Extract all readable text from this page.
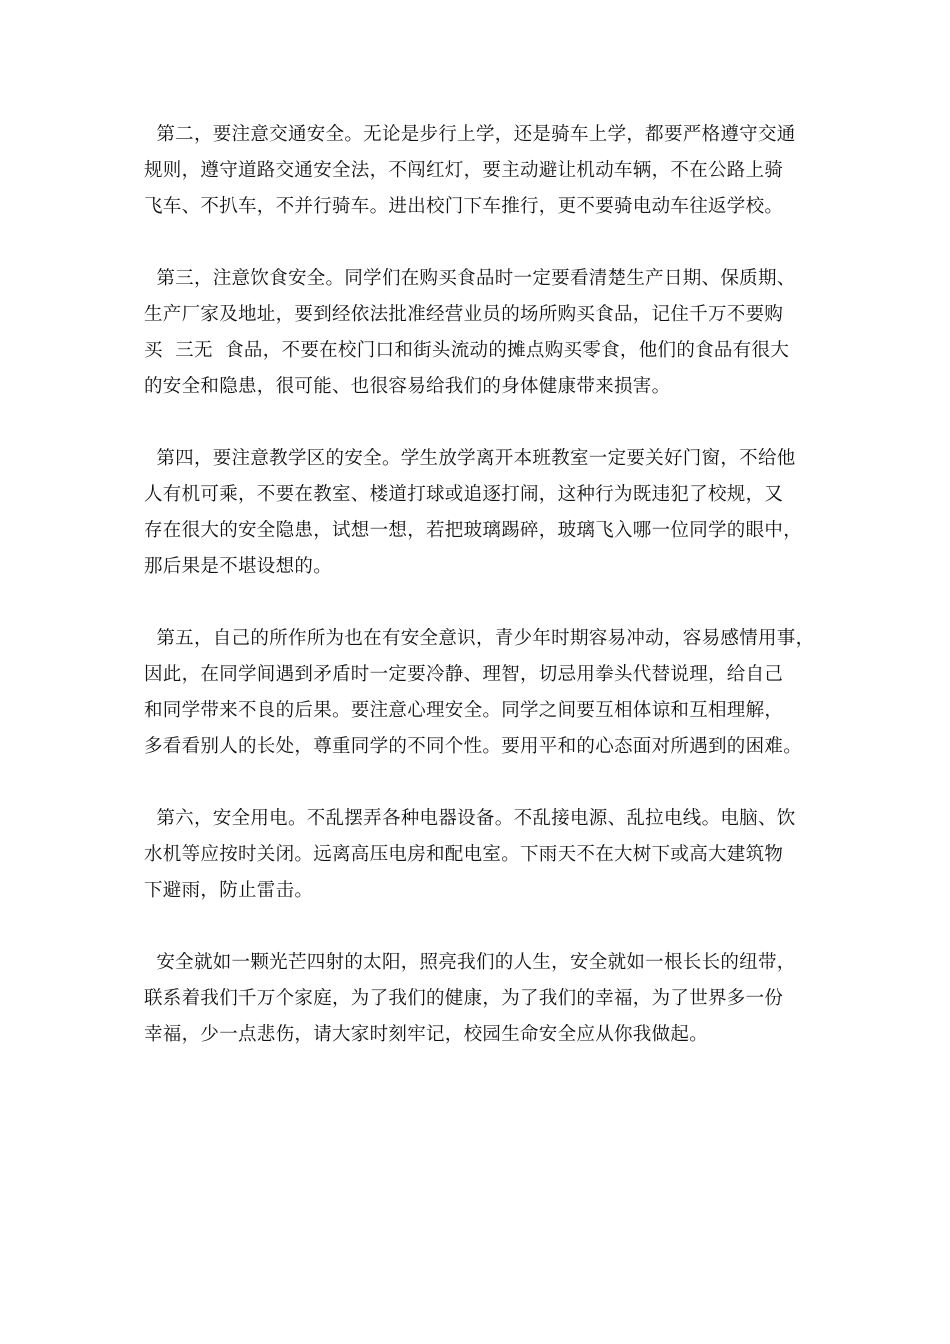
第二，要注意交通安全。无论是步行上学，还是骑车上学，都要严格遵守交通
规则，遵守道路交通安全法，不闯红灯，要主动避让机动车辆，不在公路上骑
飞车、不扒车，不并行骑车。进出校门下车推行，更不要骑电动车往返学校。
第三，注意饮食安全。同学们在购买食品时一定要看清楚生产日期、保质期、
生产厂家及地址，要到经依法批准经营业员的场所购买食品，记住千万不要购
买  三无  食品，不要在校门口和街头流动的摊点购买零食，他们的食品有很大
的安全和隐患，很可能、也很容易给我们的身体健康带来损害。
第四，要注意教学区的安全。学生放学离开本班教室一定要关好门窗，不给他
人有机可乘，不要在教室、楼道打球或追逐打闹，这种行为既违犯了校规，又
存在很大的安全隐患，试想一想，若把玻璃踢碎，玻璃飞入哪一位同学的眼中，
那后果是不堪设想的。
第五，自己的所作所为也在有安全意识，青少年时期容易冲动，容易感情用事，
因此，在同学间遇到矛盾时一定要冷静、理智，切忌用拳头代替说理，给自己
和同学带来不良的后果。要注意心理安全。同学之间要互相体谅和互相理解，
多看看别人的长处，尊重同学的不同个性。要用平和的心态面对所遇到的困难。
第六，安全用电。不乱摆弄各种电器设备。不乱接电源、乱拉电线。电脑、饮
水机等应按时关闭。远离高压电房和配电室。下雨天不在大树下或高大建筑物
下避雨，防止雷击。
安全就如一颗光芒四射的太阳，照亮我们的人生，安全就如一根长长的纽带，
联系着我们千万个家庭，为了我们的健康，为了我们的幸福，为了世界多一份
幸福，少一点悲伤，请大家时刻牢记，校园生命安全应从你我做起。
